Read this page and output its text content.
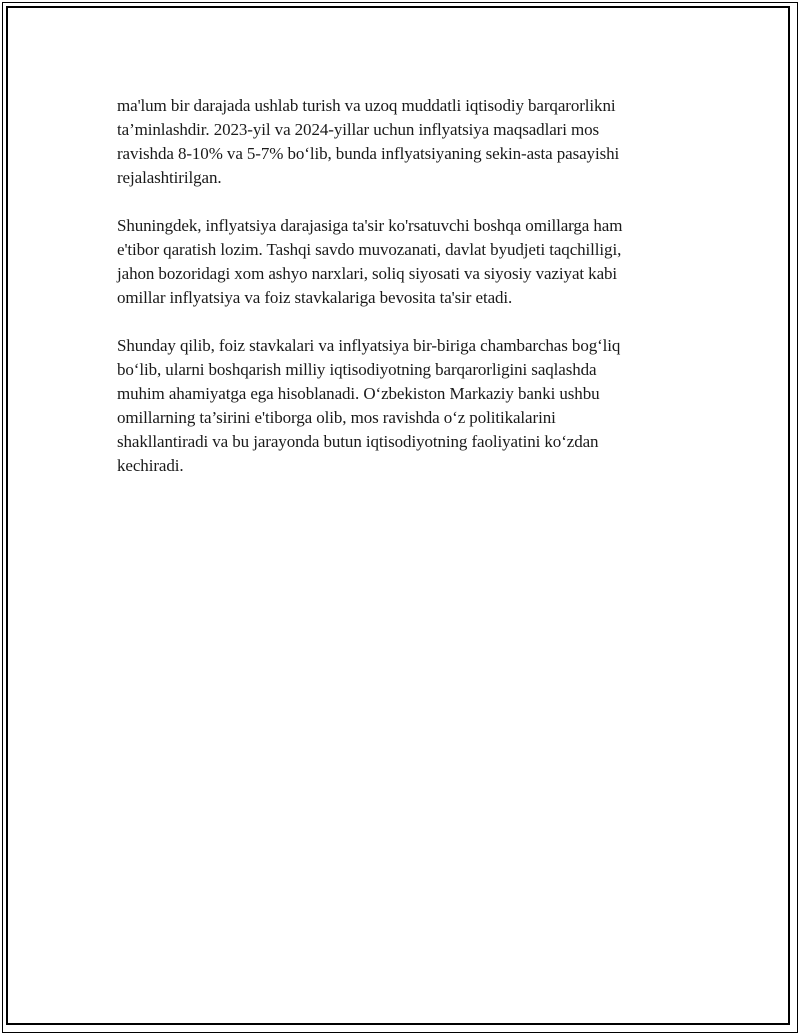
ma'lum bir darajada ushlab turish va uzoq muddatli iqtisodiy barqarorlikni
ta’minlashdir. 2023-yil va 2024-yillar uchun inflyatsiya maqsadlari mos
ravishda 8-10% va 5-7% bo‘lib, bunda inflyatsiyaning sekin-asta pasayishi
rejalashtirilgan.

Shuningdek, inflyatsiya darajasiga ta'sir ko'rsatuvchi boshqa omillarga ham
e'tibor qaratish lozim. Tashqi savdo muvozanati, davlat byudjeti taqchilligi,
jahon bozoridagi xom ashyo narxlari, soliq siyosati va siyosiy vaziyat kabi
omillar inflyatsiya va foiz stavkalariga bevosita ta'sir etadi.

Shunday qilib, foiz stavkalari va inflyatsiya bir-biriga chambarchas bog‘liq
bo‘lib, ularni boshqarish milliy iqtisodiyotning barqarorligini saqlashda
muhim ahamiyatga ega hisoblanadi. O‘zbekiston Markaziy banki ushbu
omillarning ta’sirini e'tiborga olib, mos ravishda o‘z politikalarini
shakllantiradi va bu jarayonda butun iqtisodiyotning faoliyatini ko‘zdan
kechiradi.
